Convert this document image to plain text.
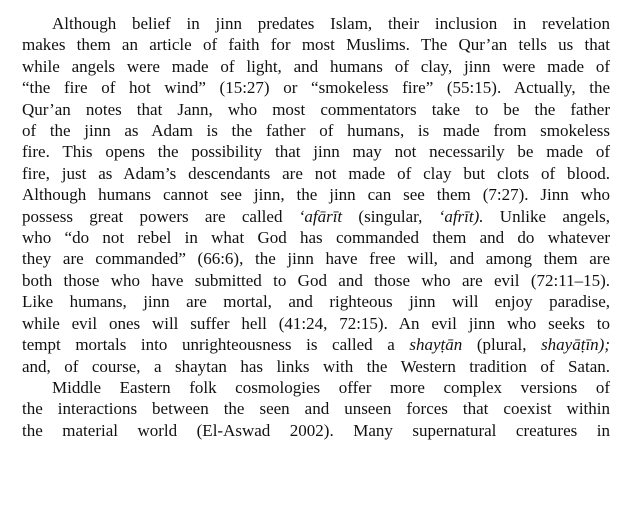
Although belief in jinn predates Islam, their inclusion in revelation
makes them an article of faith for most Muslims. The Qur’an tells us that
while angels were made of light, and humans of clay, jinn were made of
“the fire of hot wind” (15:27) or “smokeless fire” (55:15). Actually, the
Qur’an notes that Jann, who most commentators take to be the father
of the jinn as Adam is the father of humans, is made from smokeless
fire. This opens the possibility that jinn may not necessarily be made of
fire, just as Adam’s descendants are not made of clay but clots of blood.
Although humans cannot see jinn, the jinn can see them (7:27). Jinn who
possess great powers are called ‘afārīt (singular, ‘afrīt). Unlike angels,
who “do not rebel in what God has commanded them and do whatever
they are commanded” (66:6), the jinn have free will, and among them are
both those who have submitted to God and those who are evil (72:11–15).
Like humans, jinn are mortal, and righteous jinn will enjoy paradise,
while evil ones will suffer hell (41:24, 72:15). An evil jinn who seeks to
tempt mortals into unrighteousness is called a shayṭān (plural, shayāṭīn);
and, of course, a shaytan has links with the Western tradition of Satan.
Middle Eastern folk cosmologies offer more complex versions of
the interactions between the seen and unseen forces that coexist within
the material world (El-Aswad 2002). Many supernatural creatures in
